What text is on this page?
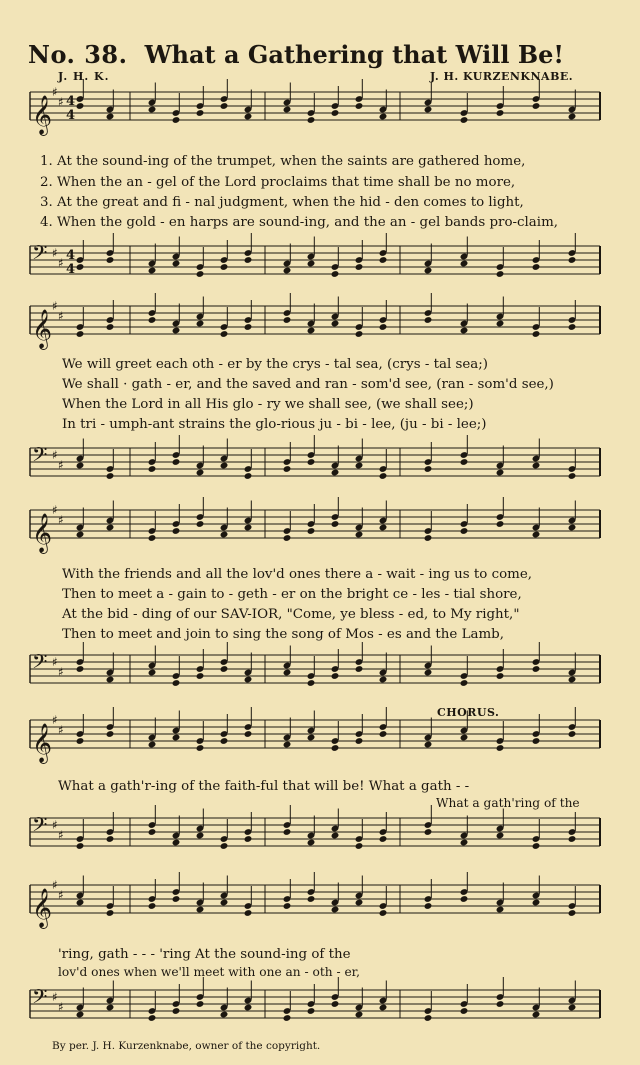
No. 38. What a Gathering that Will Be!
J. H. K.	J. H. KURZENKNABE.
𝄞
♯
♯ 4
4
𝄢 ♯
♯ 4
4
𝄞
♯
♯
𝄢 ♯
♯
𝄞
♯
♯
𝄢 ♯
♯
𝄞
♯
♯
𝄢 ♯
♯
𝄞
♯
♯
𝄢 ♯
♯
1. At the sound-ing of the trumpet, when the saints are gathered home,
2. When the an - gel of the Lord proclaims that time shall be no more,
3. At the great and fi - nal judgment, when the hid - den comes to light,
4. When the gold - en harps are sound-ing, and the an - gel bands pro-claim,
We will greet each oth - er by the crys - tal sea, (crys - tal sea;)
We shall · gath - er, and the saved and ran - som'd see, (ran - som'd see,)
When the Lord in all His glo - ry we shall see, (we shall see;)
In tri - umph-ant strains the glo-rious ju - bi - lee, (ju - bi - lee;)
With the friends and all the lov'd ones there a - wait - ing us to come,
Then to meet a - gain to - geth - er on the bright ce - les - tial shore,
At the bid - ding of our SAV-IOR, "Come, ye bless - ed, to My right,"
Then to meet and join to sing the song of Mos - es and the Lamb,
CHORUS.
What a gath'r-ing of the faith-ful that will be! What a gath - -
What a gath'ring of the
'ring, gath - - - 'ring At the sound-ing of the
lov'd ones when we'll meet with one an - oth - er,
By per. J. H. Kurzenknabe, owner of the copyright.
